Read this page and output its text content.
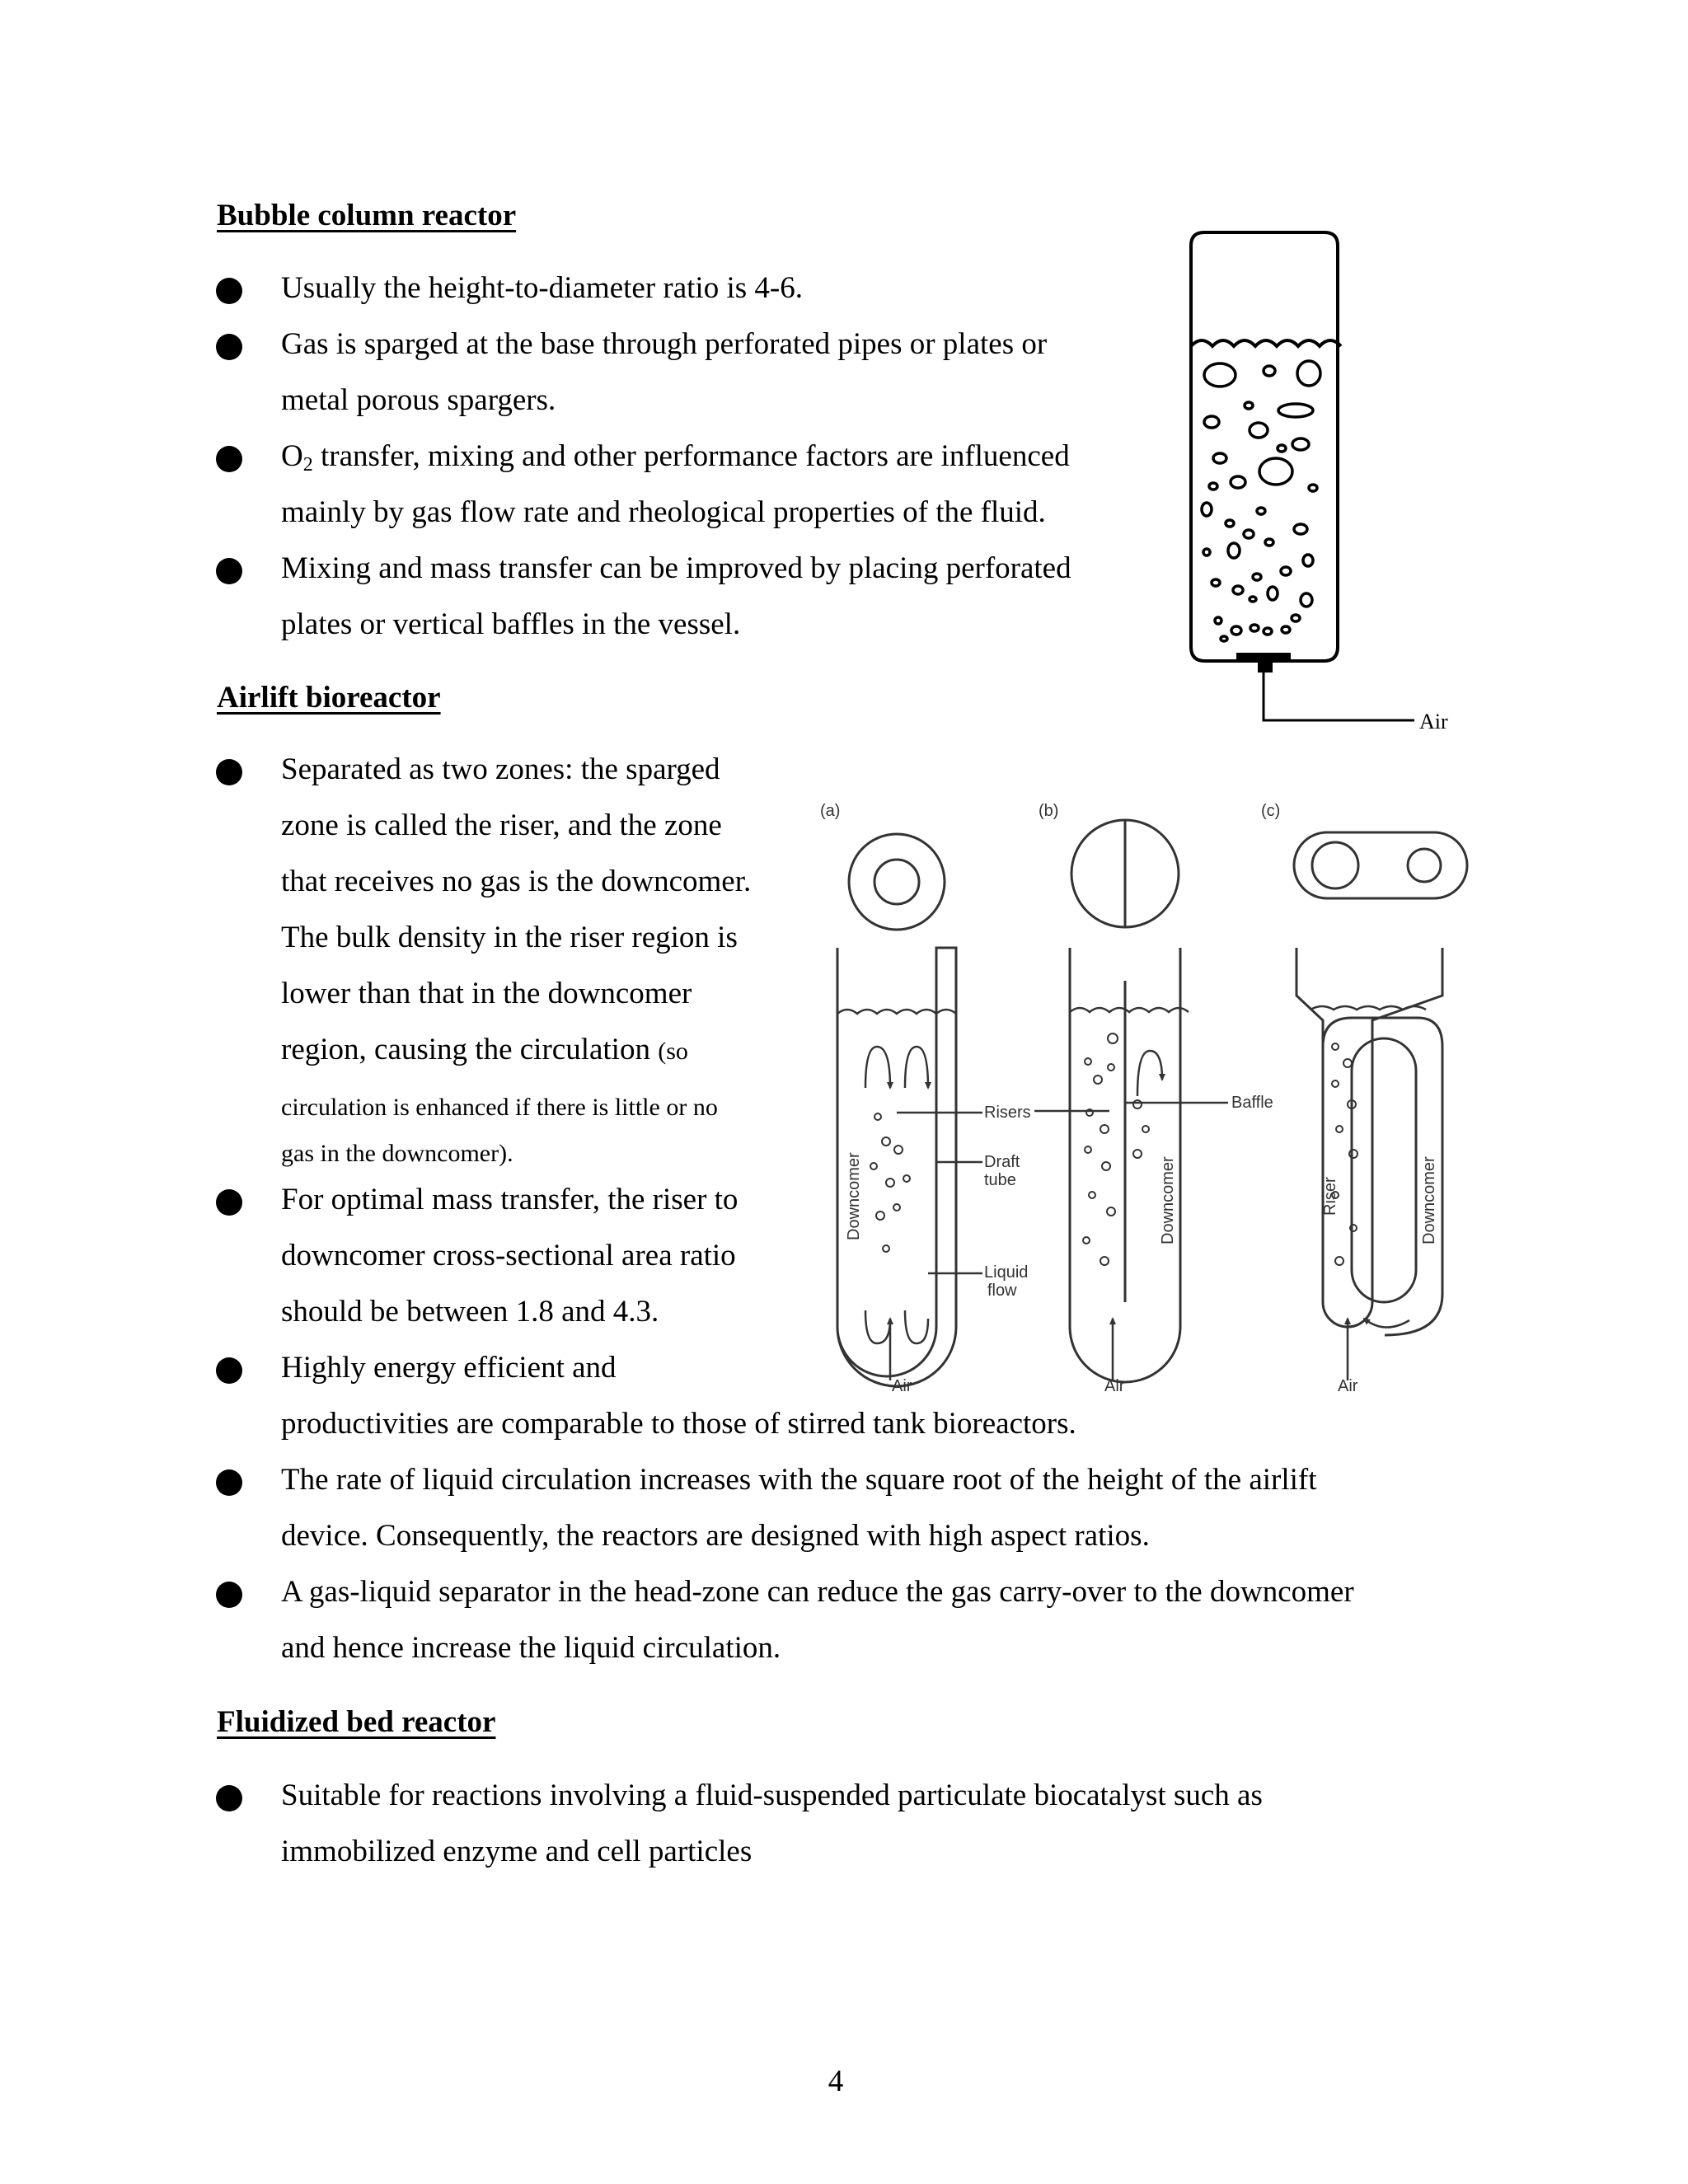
Bubble column reactor

Usually the height-to-diameter ratio is 4-6.

Gas is sparged at the base through perforated pipes or plates or

metal porous spargers.

$O_2$ transfer, mixing and other performance factors are influenced

mainly by gas flow rate and rheological properties of the fluid.

Mixing and mass transfer can be improved by placing perforated

plates or vertical baffles in the vessel.

Airlift bioreactor

Separated as two zones: the sparged

zone is called the riser, and the zone

that receives no gas is the downcomer.

The bulk density in the riser region is

lower than that in the downcomer

region, causing the circulation (so

circulation is enhanced if there is little or no

gas in the downcomer).

For optimal mass transfer, the riser to

downcomer cross-sectional area ratio

should be between 1.8 and 4.3.

Highly energy efficient and

productivities are comparable to those of stirred tank bioreactors.

The rate of liquid circulation increases with the square root of the height of the airlift

device. Consequently, the reactors are designed with high aspect ratios.

A gas-liquid separator in the head-zone can reduce the gas carry-over to the downcomer

and hence increase the liquid circulation.

Fluidized bed reactor

Suitable for reactions involving a fluid-suspended particulate biocatalyst such as

immobilized enzyme and cell particles

4
Air
(a)	(b)	(c)
Risers
Draft
tube
Liquid
flow
Baffle
Downcomer	Downcomer	Riser	Downcomer
Air	Air	Air
